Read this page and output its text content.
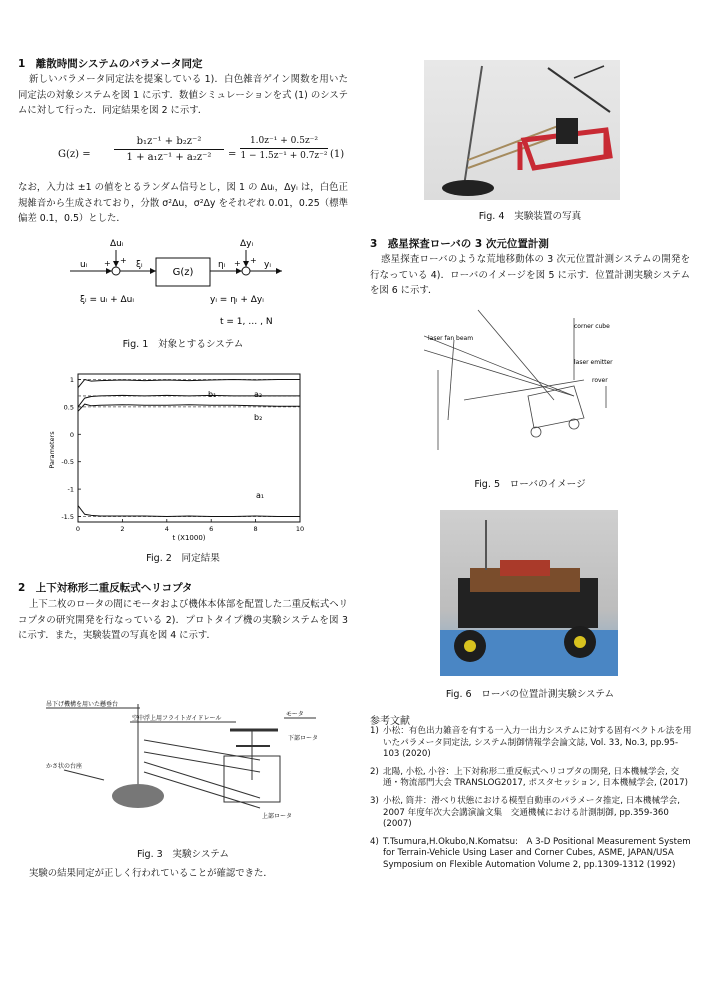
1　離散時間システムのパラメータ同定
新しいパラメータ同定法を提案している 1)．白色雑音ゲイン関数を用いた同定法の対象システムを図 1 に示す．数値シミュレーションを式 (1) のシステムに対して行った．同定結果を図 2 に示す．
G(z) =
b₁z⁻¹ + b₂z⁻²
1 + a₁z⁻¹ + a₂z⁻²	=
1.0z⁻¹ + 0.5z⁻²
1 − 1.5z⁻¹ + 0.7z⁻² (1)
なお，入力は ±1 の値をとるランダム信号とし，図 1 の Δuᵢ，Δyᵢ は，白色正規雑音から生成されており，分散 σ²Δu，σ²Δy をそれぞれ 0.01，0.25（標準偏差 0.1，0.5）とした．
G(z)
Δuᵢ	Δyᵢ
uᵢ	ξᵢ	ηᵢ	yᵢ
+ +	+ +
ξᵢ = uᵢ + Δuᵢ	yᵢ = ηᵢ + Δyᵢ
t = 1, … , N
Fig. 1　対象とするシステム
0	2	4	6	8	10
1
0.5
0
-0.5
-1
-1.5
Parameters
t (X1000)
b₁	a₂
b₂
a₁
Fig. 2　同定結果
2　上下対称形二重反転式ヘリコプタ
上下二枚のロータの間にモータおよび機体本体部を配置した二重反転式ヘリコプタの研究開発を行なっている 2)．プロトタイプ機の実験システムを図 3 に示す．また，実験装置の写真を図 4 に示す．
吊下げ機構を用いた懸垂台
空中浮上用フライトガイドレール
モータ
下部ロータ
かさ状の台座
上部ロータ
Fig. 3　実験システム
実験の結果同定が正しく行われていることが確認できた．
Fig. 4　実験装置の写真
3　惑星探査ローバの 3 次元位置計測
惑星探査ローバのような荒地移動体の 3 次元位置計測システムの開発を行なっている 4)．ローバのイメージを図 5 に示す．位置計測実験システムを図 6 に示す．
corner cube
laser fan beam
laser emitter
rover
Fig. 5　ローバのイメージ
Fig. 6　ローバの位置計測実験システム
参考文献
1) 小松：有色出力雑音を有する一入力一出力システムに対する固有ベクトル法を用いたパラメータ同定法, システム制御情報学会論文誌, Vol. 33, No.3, pp.95-103 (2020)
2) 北陽, 小松, 小谷：上下対称形二重反転式ヘリコプタの開発, 日本機械学会, 交通・物流部門大会 TRANSLOG2017, ポスタセッション, 日本機械学会, (2017)
3) 小松, 筒井：滑べり状態における模型自動車のパラメータ推定, 日本機械学会, 2007 年度年次大会講演論文集　交通機械における計測制御, pp.359-360 (2007)
4) T.Tsumura,H.Okubo,N.Komatsu:　A 3-D Positional Measurement System for Terrain-Vehicle Using Laser and Corner Cubes, ASME, JAPAN/USA Symposium on Flexible Automation Volume 2, pp.1309-1312 (1992)
